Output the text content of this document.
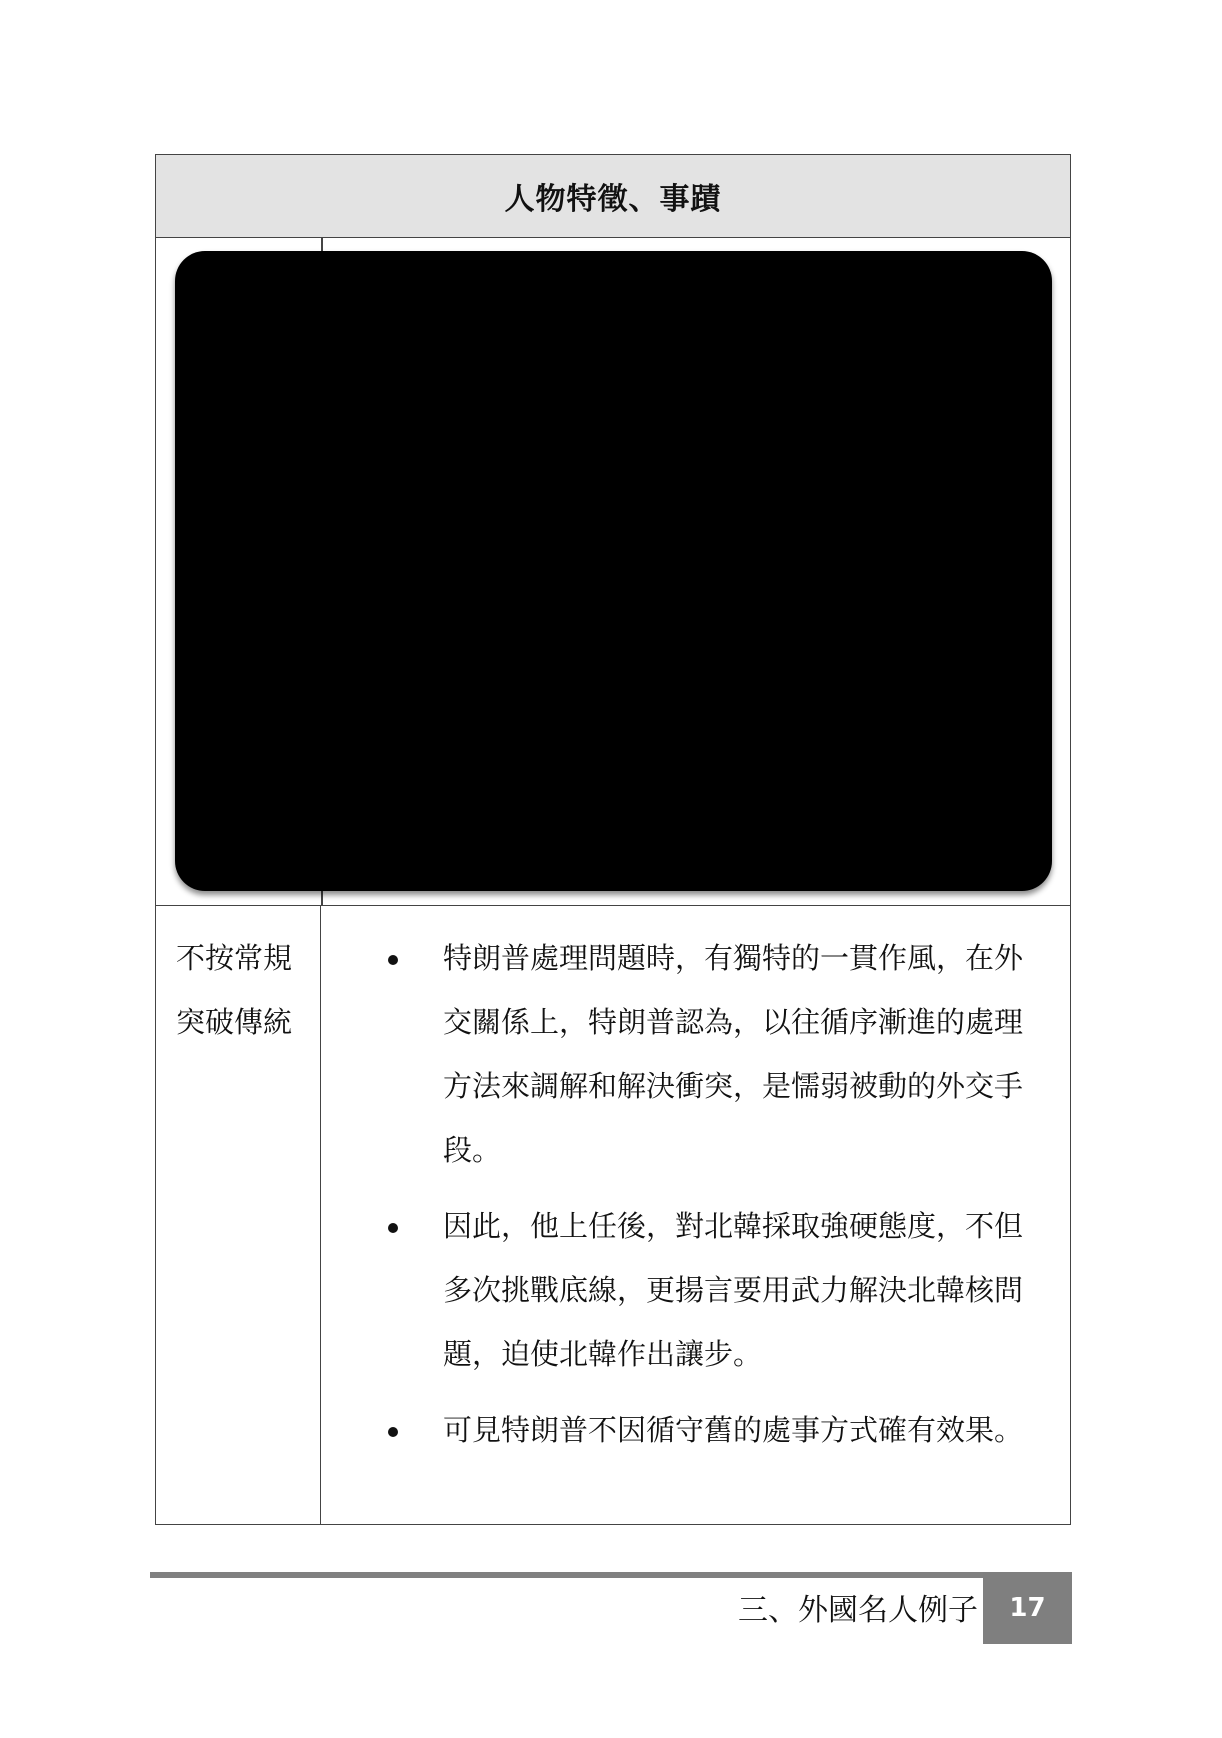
人物特徵、事蹟
不按常規
突破傳統
特朗普處理問題時，有獨特的一貫作風，在外交關係上，特朗普認為，以往循序漸進的處理方法來調解和解決衝突，是懦弱被動的外交手段。
因此，他上任後，對北韓採取強硬態度，不但多次挑戰底線，更揚言要用武力解決北韓核問題，迫使北韓作出讓步。
可見特朗普不因循守舊的處事方式確有效果。
三、外國名人例子	17
